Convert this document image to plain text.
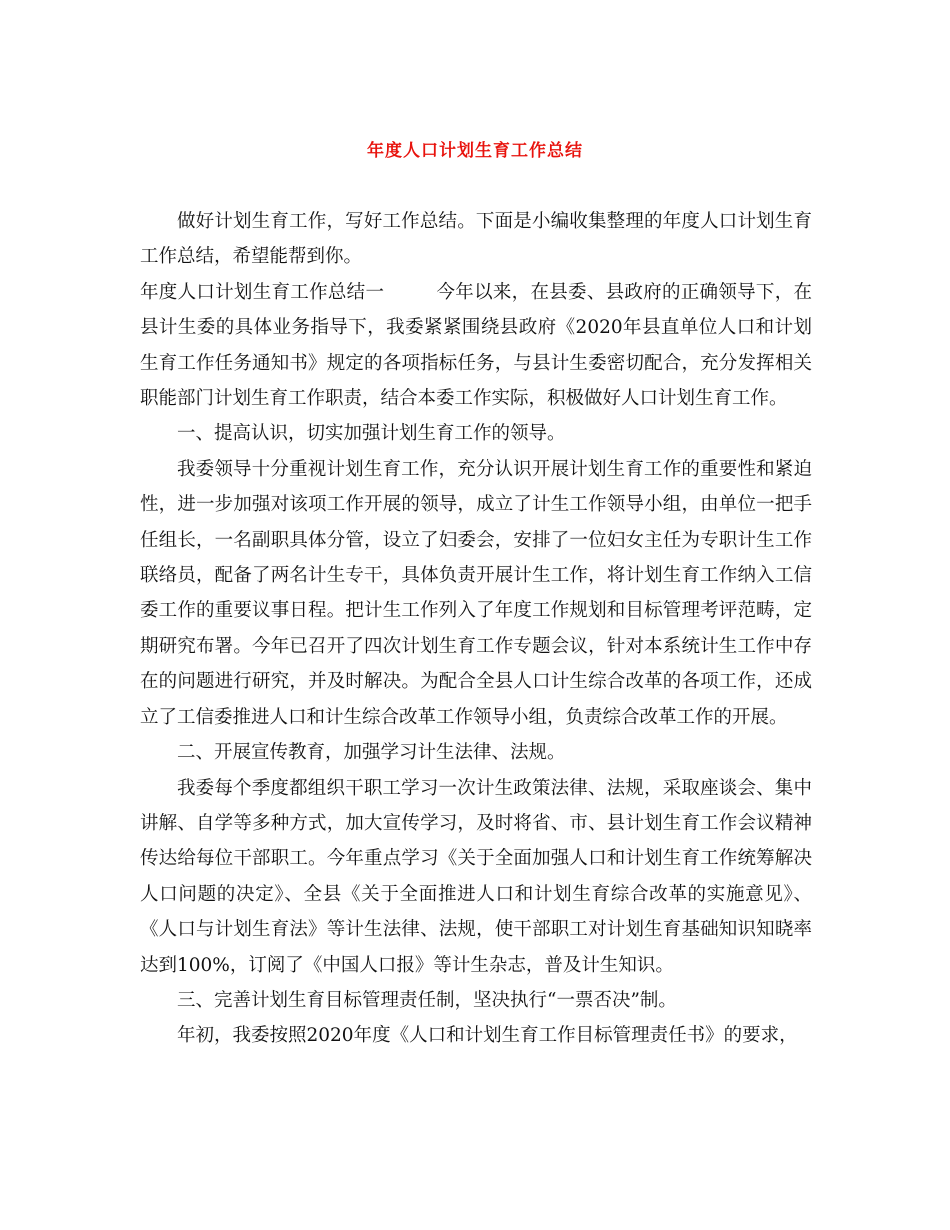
年度人口计划生育工作总结

做好计划生育工作，写好工作总结。下面是小编收集整理的年度人口计划生育工作总结，希望能帮到你。

年度人口计划生育工作总结一	今年以来，在县委、县政府的正确领导下，在县计生委的具体业务指导下，我委紧紧围绕县政府《2020年县直单位人口和计划生育工作任务通知书》规定的各项指标任务，与县计生委密切配合，充分发挥相关职能部门计划生育工作职责，结合本委工作实际，积极做好人口计划生育工作。

一、提高认识，切实加强计划生育工作的领导。

我委领导十分重视计划生育工作，充分认识开展计划生育工作的重要性和紧迫性，进一步加强对该项工作开展的领导，成立了计生工作领导小组，由单位一把手任组长，一名副职具体分管，设立了妇委会，安排了一位妇女主任为专职计生工作联络员，配备了两名计生专干，具体负责开展计生工作，将计划生育工作纳入工信委工作的重要议事日程。把计生工作列入了年度工作规划和目标管理考评范畴，定期研究布署。今年已召开了四次计划生育工作专题会议，针对本系统计生工作中存在的问题进行研究，并及时解决。为配合全县人口计生综合改革的各项工作，还成立了工信委推进人口和计生综合改革工作领导小组，负责综合改革工作的开展。

二、开展宣传教育，加强学习计生法律、法规。

我委每个季度都组织干职工学习一次计生政策法律、法规，采取座谈会、集中讲解、自学等多种方式，加大宣传学习，及时将省、市、县计划生育工作会议精神传达给每位干部职工。今年重点学习《关于全面加强人口和计划生育工作统筹解决人口问题的决定》、全县《关于全面推进人口和计划生育综合改革的实施意见》、《人口与计划生育法》等计生法律、法规，使干部职工对计划生育基础知识知晓率达到100%，订阅了《中国人口报》等计生杂志，普及计生知识。

三、完善计划生育目标管理责任制，坚决执行“一票否决”制。

年初，我委按照2020年度《人口和计划生育工作目标管理责任书》的要求，
